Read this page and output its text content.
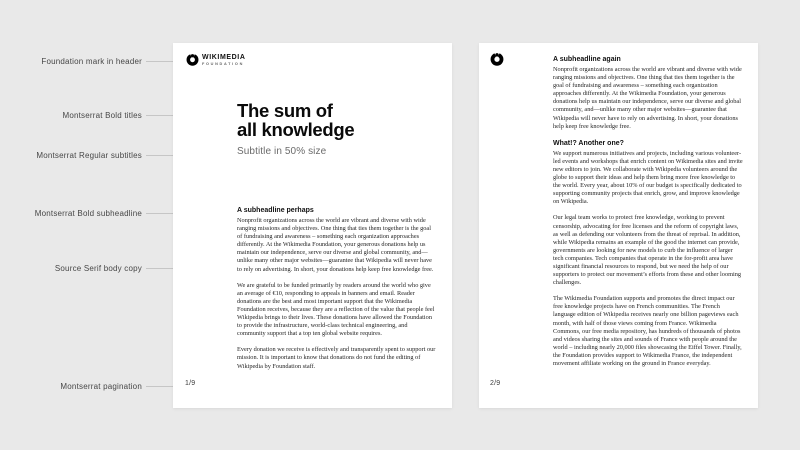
Foundation mark in header
Montserrat Bold titles
Montserrat Regular subtitles
Montserrat Bold subheadline
Source Serif body copy
Montserrat pagination
WIKIMEDIA
FOUNDATION
The sum of
all knowledge
Subtitle in 50% size
A subheadline perhaps

Nonprofit organizations across the world are vibrant and diverse with wide ranging missions and objectives. One thing that ties them together is the goal of fundraising and awareness – something each organization approaches differently. At the Wikimedia Foundation, your generous donations help us maintain our independence, serve our diverse and global community, and—unlike many other major websites—guarantee that Wikipedia will never have to rely on advertising. In short, your donations help keep free knowledge free.

We are grateful to be funded primarily by readers around the world who give an average of €10, responding to appeals in banners and email. Reader donations are the best and most important support that the Wikimedia Foundation receives, because they are a reflection of the value that people feel Wikipedia brings to their lives. These donations have allowed the Foundation to provide the infrastructure, world-class technical engineering, and community support that a top ten global website requires.

Every donation we receive is effectively and transparently spent to support our mission. It is important to know that donations do not fund the editing of Wikipedia by Foundation staff.

1/9
A subheadline again

Nonprofit organizations across the world are vibrant and diverse with wide ranging missions and objectives. One thing that ties them together is the goal of fundraising and awareness – something each organization approaches differently. At the Wikimedia Foundation, your generous donations help us maintain our independence, serve our diverse and global community, and—unlike many other major websites—guarantee that Wikipedia will never have to rely on advertising. In short, your donations help keep free knowledge free.

What!? Another one?

We support numerous initiatives and projects, including various volunteer-led events and workshops that enrich content on Wikimedia sites and invite new editors to join. We collaborate with Wikipedia volunteers around the globe to support their ideas and help them bring more free knowledge to the world. Every year, about 10% of our budget is specifically dedicated to supporting community projects that enrich, grow, and improve knowledge on Wikipedia.

Our legal team works to protect free knowledge, working to prevent censorship, advocating for free licenses and the reform of copyright laws, as well as defending our volunteers from the threat of reprisal. In addition, while Wikipedia remains an example of the good the internet can provide, governments are looking for new models to curb the influence of larger tech companies. Tech companies that operate in the for-profit area have significant financial resources to respond, but we need the help of our supporters to protect our movement’s efforts from these and other looming challenges.

The Wikimedia Foundation supports and promotes the direct impact our free knowledge projects have on French communities. The French language edition of Wikipedia receives nearly one billion pageviews each month, with half of those views coming from France. Wikimedia Commons, our free media repository, has hundreds of thousands of photos and videos sharing the sites and sounds of France with people around the world – including nearly 20,000 files showcasing the Eiffel Tower. Finally, the Foundation provides support to Wikimedia France, the independent movement affiliate working on the ground in France everyday.

2/9
